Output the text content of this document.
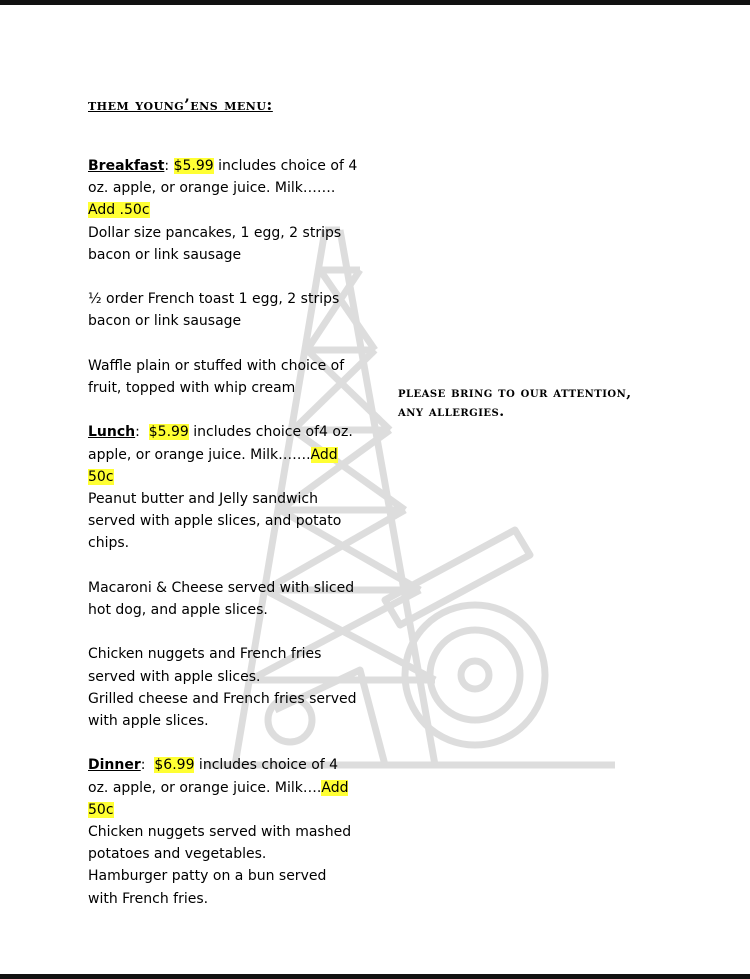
them young’ens menu:

Breakfast: $5.99 includes choice of 4 oz. apple, or orange juice. Milk……. Add .50c

Dollar size pancakes, 1 egg, 2 strips bacon or link sausage

½ order French toast 1 egg, 2 strips bacon or link sausage

Waffle plain or stuffed with choice of fruit, topped with whip cream

Lunch:  $5.99 includes choice of4 oz. apple, or orange juice. Milk…….Add 50c

Peanut butter and Jelly sandwich served with apple slices, and potato chips.

Macaroni & Cheese served with sliced hot dog, and apple slices.

Chicken nuggets and French fries served with apple slices.

Grilled cheese and French fries served with apple slices.

Dinner:  $6.99 includes choice of 4 oz. apple, or orange juice. Milk….Add 50c

Chicken nuggets served with mashed potatoes and vegetables.

Hamburger patty on a bun served with French fries.

please bring to our attention, any allergies.
